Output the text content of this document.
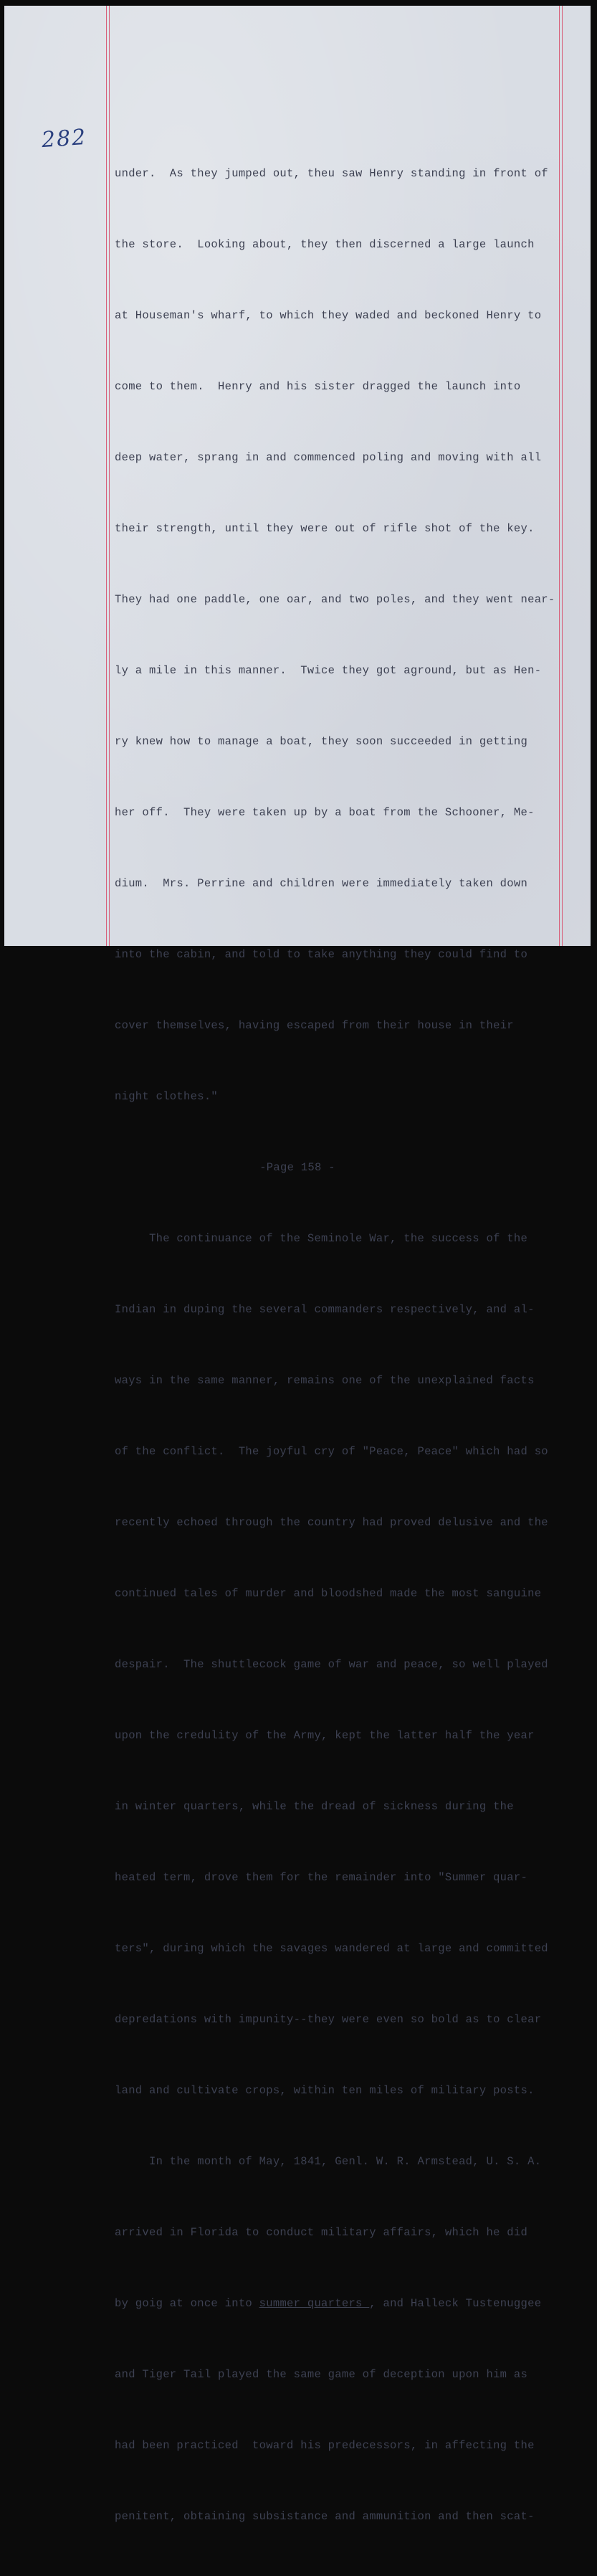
282

under.  As they jumped out, theu saw Henry standing in front of

the store.  Looking about, they then discerned a large launch

at Houseman's wharf, to which they waded and beckoned Henry to

come to them.  Henry and his sister dragged the launch into

deep water, sprang in and commenced poling and moving with all

their strength, until they were out of rifle shot of the key.

They had one paddle, one oar, and two poles, and they went near-

ly a mile in this manner.  Twice they got aground, but as Hen-

ry knew how to manage a boat, they soon succeeded in getting

her off.  They were taken up by a boat from the Schooner, Me-

dium.  Mrs. Perrine and children were immediately taken down

into the cabin, and told to take anything they could find to

cover themselves, having escaped from their house in their

night clothes."

-Page 158 -

The continuance of the Seminole War, the success of the

Indian in duping the several commanders respectively, and al-

ways in the same manner, remains one of the unexplained facts

of the conflict.  The joyful cry of "Peace, Peace" which had so

recently echoed through the country had proved delusive and the

continued tales of murder and bloodshed made the most sanguine

despair.  The shuttlecock game of war and peace, so well played

upon the credulity of the Army, kept the latter half the year

in winter quarters, while the dread of sickness during the

heated term, drove them for the remainder into "Summer quar-

ters", during which the savages wandered at large and committed

depredations with impunity--they were even so bold as to clear

land and cultivate crops, within ten miles of military posts.

In the month of May, 1841, Genl. W. R. Armstead, U. S. A.

arrived in Florida to conduct military affairs, which he did

by goig at once into summer quarters , and Halleck Tustenuggee

and Tiger Tail played the same game of deception upon him as

had been practiced  toward his predecessors, in affecting the

penitent, obtaining subsistance and ammunition and then scat-
